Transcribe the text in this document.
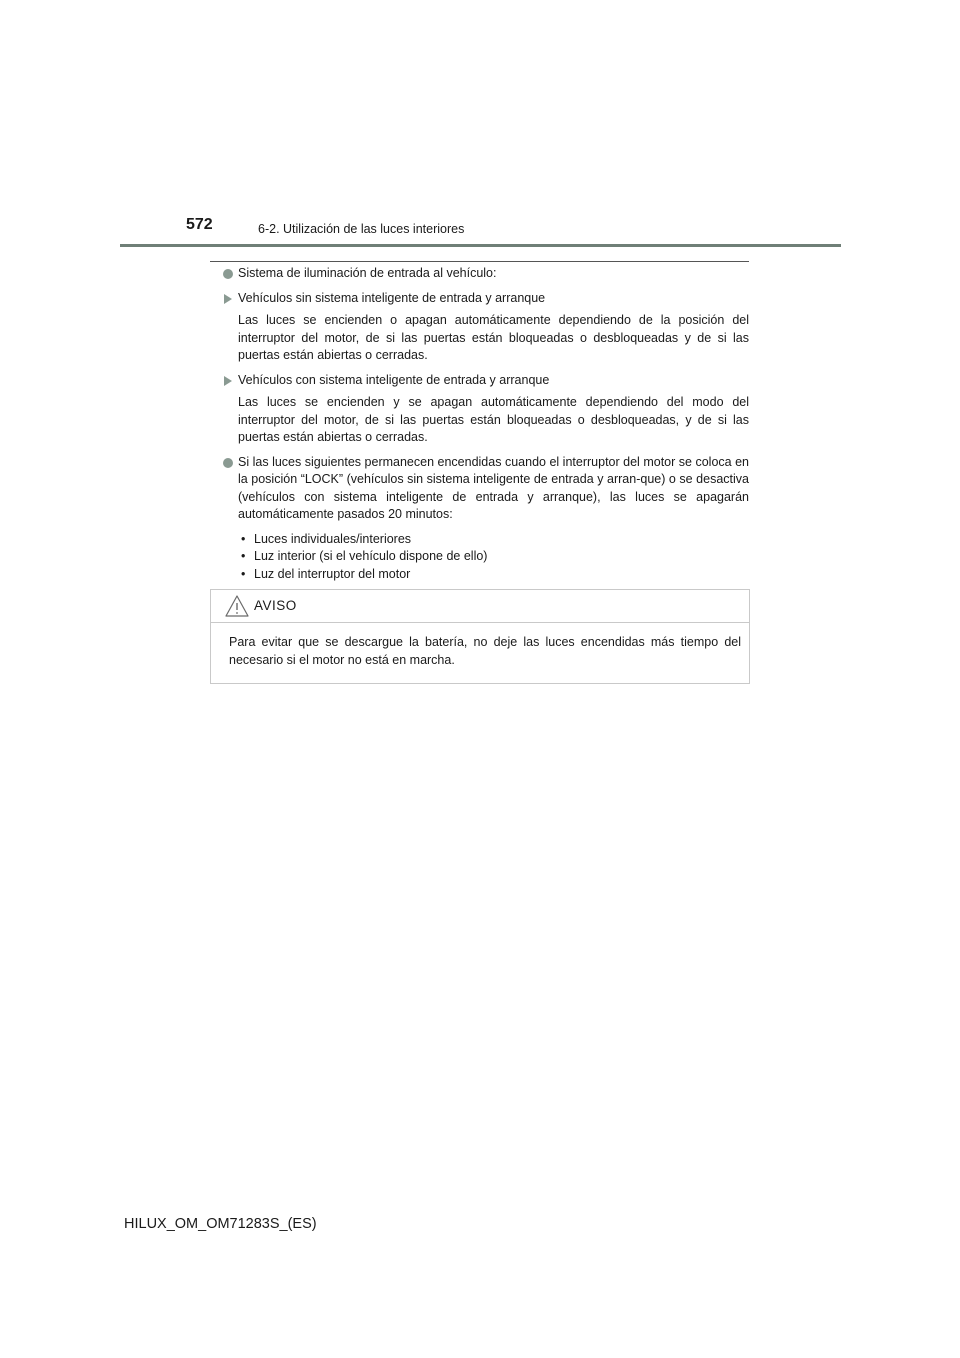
572	6-2. Utilización de las luces interiores
Sistema de iluminación de entrada al vehículo:
Vehículos sin sistema inteligente de entrada y arranque
Las luces se encienden o apagan automáticamente dependiendo de la posición del interruptor del motor, de si las puertas están bloqueadas o desbloqueadas y de si las puertas están abiertas o cerradas.
Vehículos con sistema inteligente de entrada y arranque
Las luces se encienden y se apagan automáticamente dependiendo del modo del interruptor del motor, de si las puertas están bloqueadas o desbloqueadas, y de si las puertas están abiertas o cerradas.
Si las luces siguientes permanecen encendidas cuando el interruptor del motor se coloca en la posición “LOCK” (vehículos sin sistema inteligente de entrada y arran-que) o se desactiva (vehículos con sistema inteligente de entrada y arranque), las luces se apagarán automáticamente pasados 20 minutos:
• Luces individuales/interiores
• Luz interior (si el vehículo dispone de ello)
• Luz del interruptor del motor
AVISO
Para evitar que se descargue la batería, no deje las luces encendidas más tiempo del necesario si el motor no está en marcha.
HILUX_OM_OM71283S_(ES)
